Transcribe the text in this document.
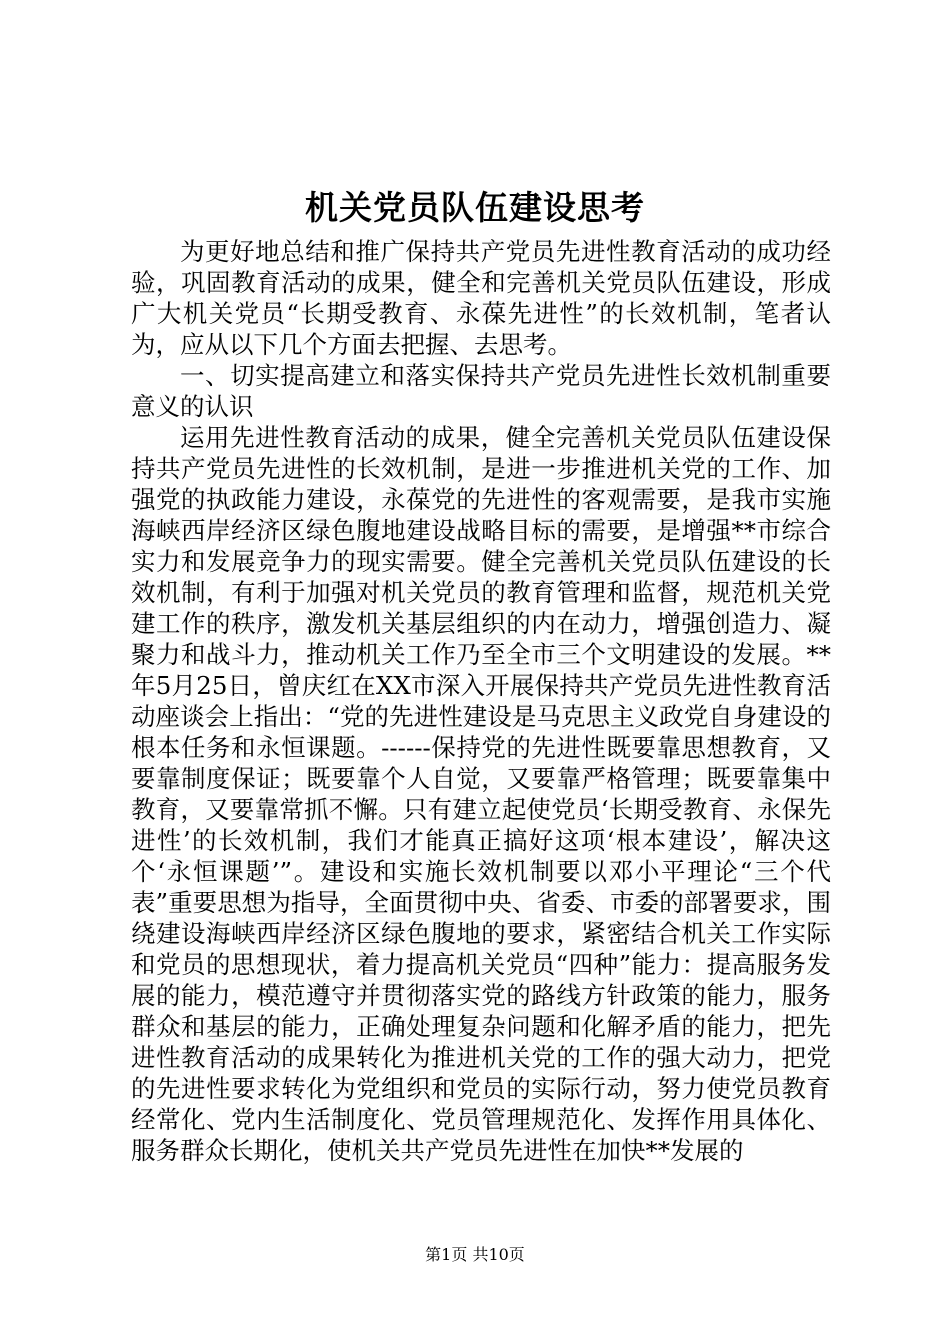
机关党员队伍建设思考

为更好地总结和推广保持共产党员先进性教育活动的成功经验，巩固教育活动的成果，健全和完善机关党员队伍建设，形成广大机关党员“长期受教育、永葆先进性”的长效机制，笔者认为，应从以下几个方面去把握、去思考。

一、切实提高建立和落实保持共产党员先进性长效机制重要意义的认识

运用先进性教育活动的成果，健全完善机关党员队伍建设保持共产党员先进性的长效机制，是进一步推进机关党的工作、加强党的执政能力建设，永葆党的先进性的客观需要，是我市实施海峡西岸经济区绿色腹地建设战略目标的需要，是增强**市综合实力和发展竞争力的现实需要。健全完善机关党员队伍建设的长效机制，有利于加强对机关党员的教育管理和监督，规范机关党建工作的秩序，激发机关基层组织的内在动力，增强创造力、凝聚力和战斗力，推动机关工作乃至全市三个文明建设的发展。**年5月25日，曾庆红在XX市深入开展保持共产党员先进性教育活动座谈会上指出：“党的先进性建设是马克思主义政党自身建设的根本任务和永恒课题。------保持党的先进性既要靠思想教育，又要靠制度保证；既要靠个人自觉，又要靠严格管理；既要靠集中教育，又要靠常抓不懈。只有建立起使党员‘长期受教育、永保先进性’的长效机制，我们才能真正搞好这项‘根本建设’，解决这个‘永恒课题’”。建设和实施长效机制要以邓小平理论“三个代表”重要思想为指导，全面贯彻中央、省委、市委的部署要求，围绕建设海峡西岸经济区绿色腹地的要求，紧密结合机关工作实际和党员的思想现状，着力提高机关党员“四种”能力：提高服务发展的能力，模范遵守并贯彻落实党的路线方针政策的能力，服务群众和基层的能力，正确处理复杂问题和化解矛盾的能力，把先进性教育活动的成果转化为推进机关党的工作的强大动力，把党的先进性要求转化为党组织和党员的实际行动，努力使党员教育经常化、党内生活制度化、党员管理规范化、发挥作用具体化、服务群众长期化，使机关共产党员先进性在加快**发展的

第1页 共10页
